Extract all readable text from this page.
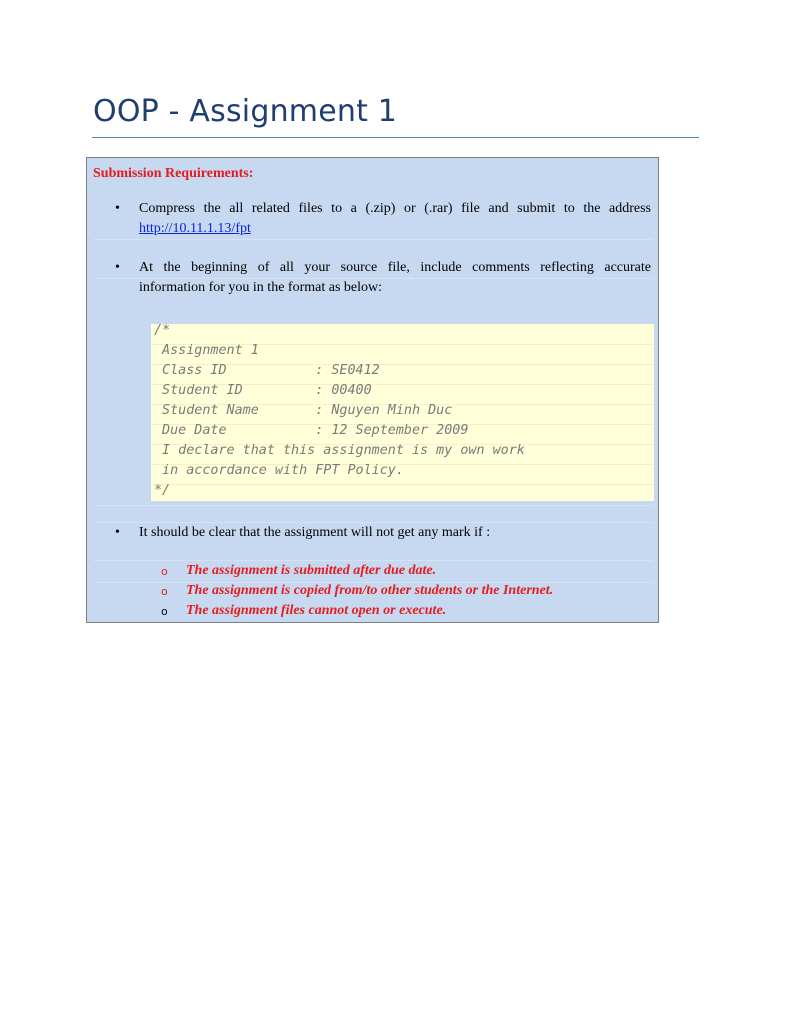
OOP - Assignment 1
Submission Requirements:
• Compress the all related files to a (.zip) or (.rar) file and submit to the address
http://10.11.1.13/fpt
• At the beginning of all your source file, include comments reflecting accurate
information for you in the format as below:
/*
Assignment 1
Class ID           : SE0412
Student ID         : 00400
Student Name       : Nguyen Minh Duc
Due Date           : 12 September 2009
I declare that this assignment is my own work
in accordance with FPT Policy.
*/
• It should be clear that the assignment will not get any mark if :
o The assignment is submitted after due date.
o The assignment is copied from/to other students or the Internet.
o The assignment files cannot open or execute.
